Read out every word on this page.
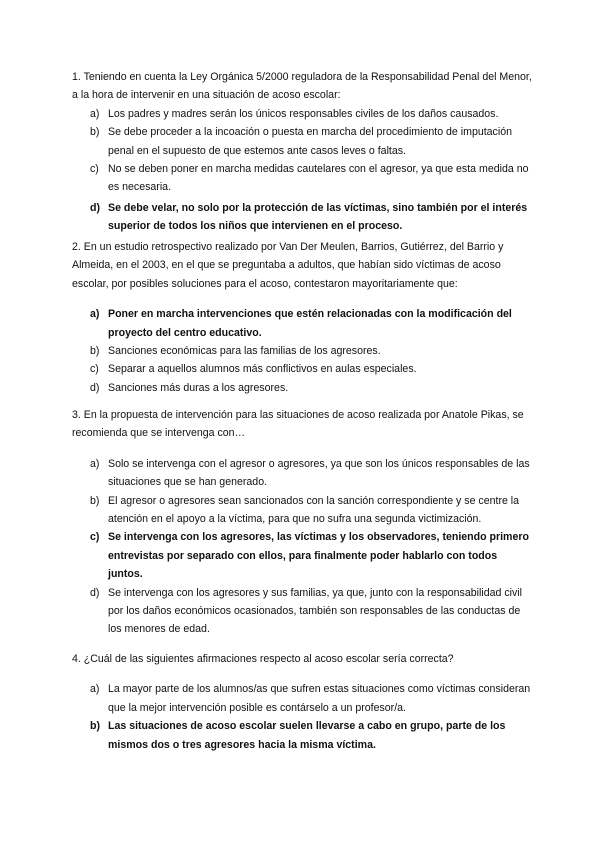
1. Teniendo en cuenta la Ley Orgánica 5/2000 reguladora de la Responsabilidad Penal del Menor, a la hora de intervenir en una situación de acoso escolar:

a) Los padres y madres serán los únicos responsables civiles de los daños causados.
b) Se debe proceder a la incoación o puesta en marcha del procedimiento de imputación penal en el supuesto de que estemos ante casos leves o faltas.
c) No se deben poner en marcha medidas cautelares con el agresor, ya que esta medida no es necesaria.
d) Se debe velar, no solo por la protección de las víctimas, sino también por el interés superior de todos los niños que intervienen en el proceso.

2. En un estudio retrospectivo realizado por Van Der Meulen, Barrios, Gutiérrez, del Barrio y Almeida, en el 2003, en el que se preguntaba a adultos, que habían sido víctimas de acoso escolar, por posibles soluciones para el acoso, contestaron mayoritariamente que:

a) Poner en marcha intervenciones que estén relacionadas con la modificación del proyecto del centro educativo.
b) Sanciones económicas para las familias de los agresores.
c) Separar a aquellos alumnos más conflictivos en aulas especiales.
d) Sanciones más duras a los agresores.

3. En la propuesta de intervención para las situaciones de acoso realizada por Anatole Pikas, se recomienda que se intervenga con…

a) Solo se intervenga con el agresor o agresores, ya que son los únicos responsables de las situaciones que se han generado.
b) El agresor o agresores sean sancionados con la sanción correspondiente y se centre la atención en el apoyo a la víctima, para que no sufra una segunda victimización.
c) Se intervenga con los agresores, las víctimas y los observadores, teniendo primero entrevistas por separado con ellos, para finalmente poder hablarlo con todos juntos.
d) Se intervenga con los agresores y sus familias, ya que, junto con la responsabilidad civil por los daños económicos ocasionados, también son responsables de las conductas de los menores de edad.

4. ¿Cuál de las siguientes afirmaciones respecto al acoso escolar sería correcta?

a) La mayor parte de los alumnos/as que sufren estas situaciones como víctimas consideran que la mejor intervención posible es contárselo a un profesor/a.
b) Las situaciones de acoso escolar suelen llevarse a cabo en grupo, parte de los mismos dos o tres agresores hacia la misma víctima.
